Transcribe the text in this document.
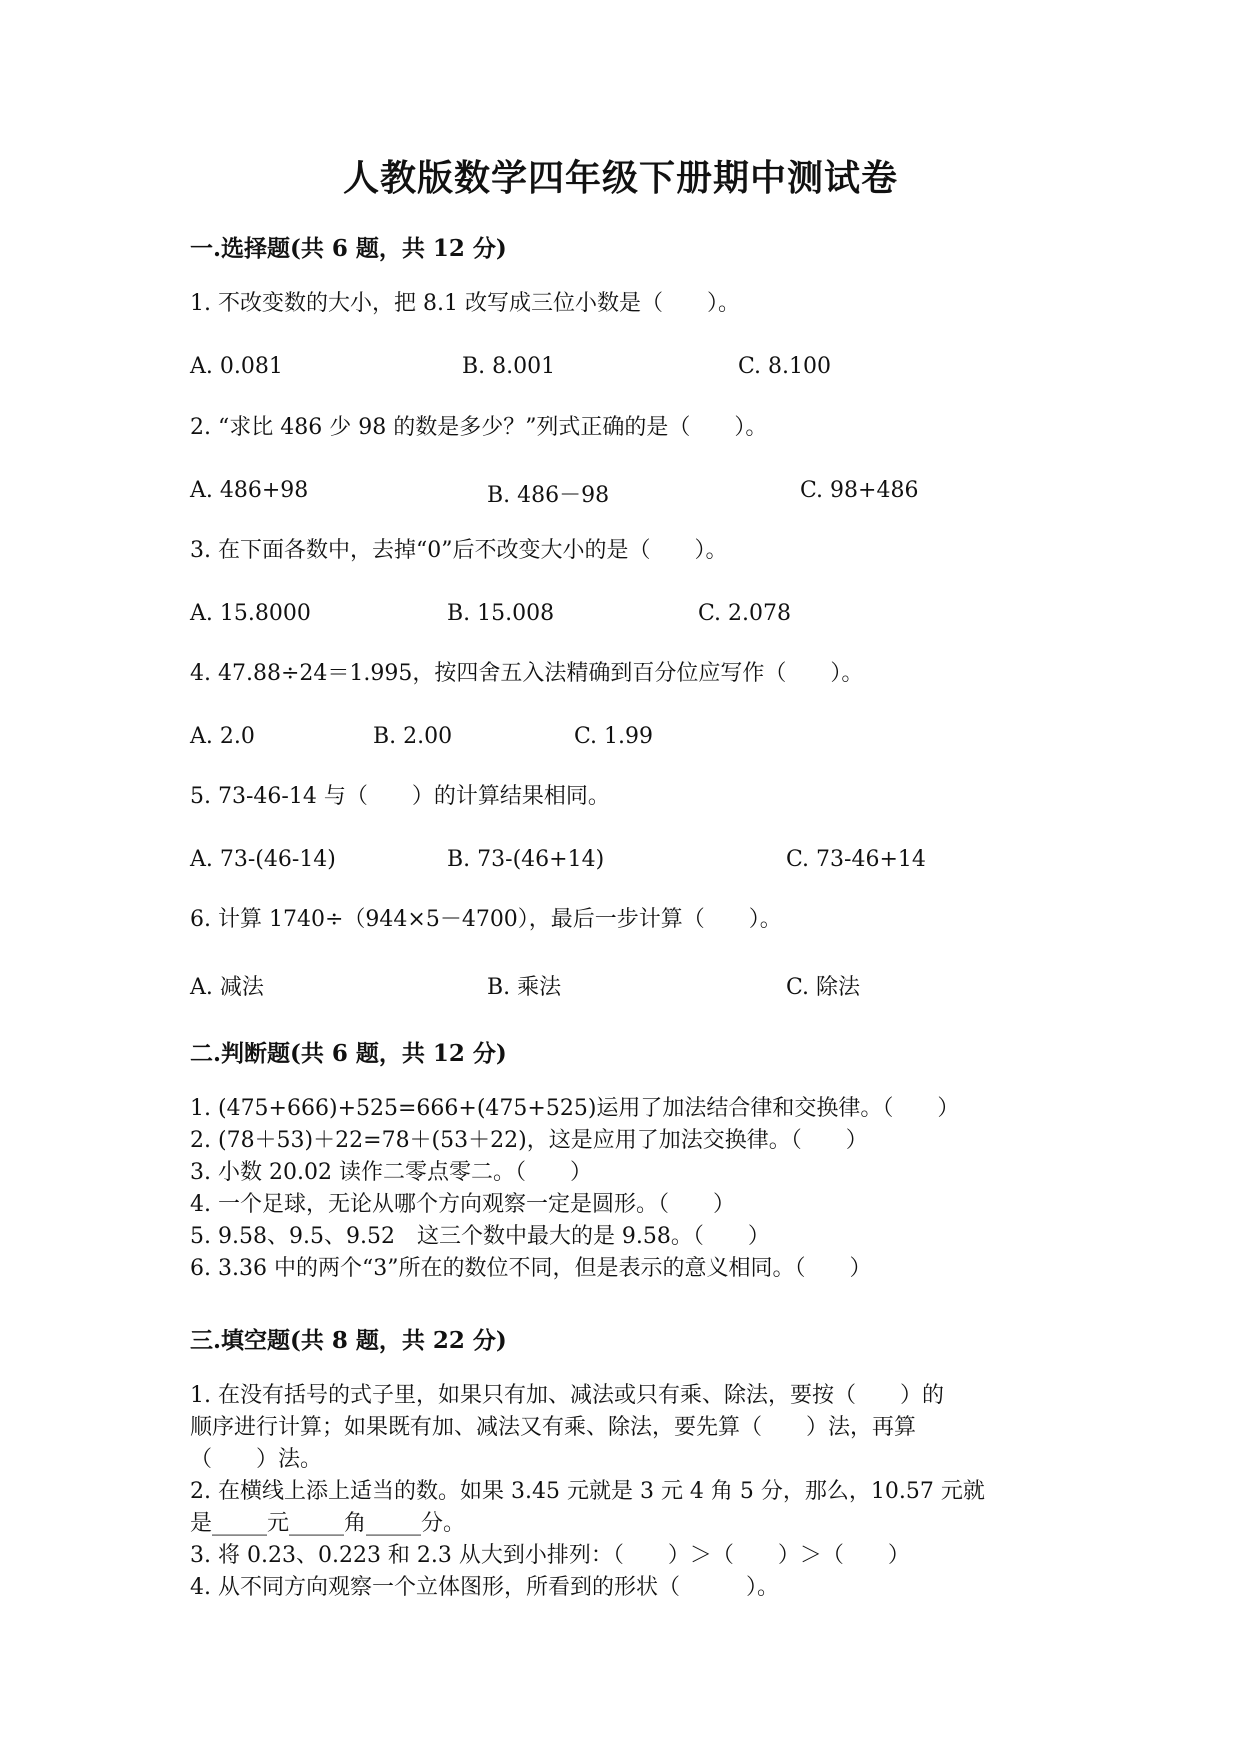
人教版数学四年级下册期中测试卷
一.选择题(共 6 题，共 12 分)
1. 不改变数的大小，把 8.1 改写成三位小数是（　　）。
A. 0.081	B. 8.001	C. 8.100
2. “求比 486 少 98 的数是多少？”列式正确的是（　　）。
A. 486+98	B. 486－98	C. 98+486
3. 在下面各数中，去掉“0”后不改变大小的是（　　）。
A. 15.8000	B. 15.008	C. 2.078
4. 47.88÷24＝1.995，按四舍五入法精确到百分位应写作（　　）。
A. 2.0	B. 2.00	C. 1.99
5. 73-46-14 与（　　）的计算结果相同。
A. 73-(46-14)	B. 73-(46+14)	C. 73-46+14
6. 计算 1740÷（944×5－4700），最后一步计算（　　）。
A. 减法	B. 乘法	C. 除法
二.判断题(共 6 题，共 12 分)
1. (475+666)+525=666+(475+525)运用了加法结合律和交换律。（　　）
2. (78＋53)＋22=78＋(53＋22)，这是应用了加法交换律。（　　）
3. 小数 20.02 读作二零点零二。（　　）
4. 一个足球，无论从哪个方向观察一定是圆形。（　　）
5. 9.58、9.5、9.52　这三个数中最大的是 9.58。（　　）
6. 3.36 中的两个“3”所在的数位不同，但是表示的意义相同。（　　）
三.填空题(共 8 题，共 22 分)
1. 在没有括号的式子里，如果只有加、减法或只有乘、除法，要按（　　）的
顺序进行计算；如果既有加、减法又有乘、除法，要先算（　　）法，再算
（　　）法。
2. 在横线上添上适当的数。如果 3.45 元就是 3 元 4 角 5 分，那么，10.57 元就
是_____元_____角_____分。
3. 将 0.23、0.223 和 2.3 从大到小排列：（　　）＞（　　）＞（　　）
4. 从不同方向观察一个立体图形，所看到的形状（　　　）。
